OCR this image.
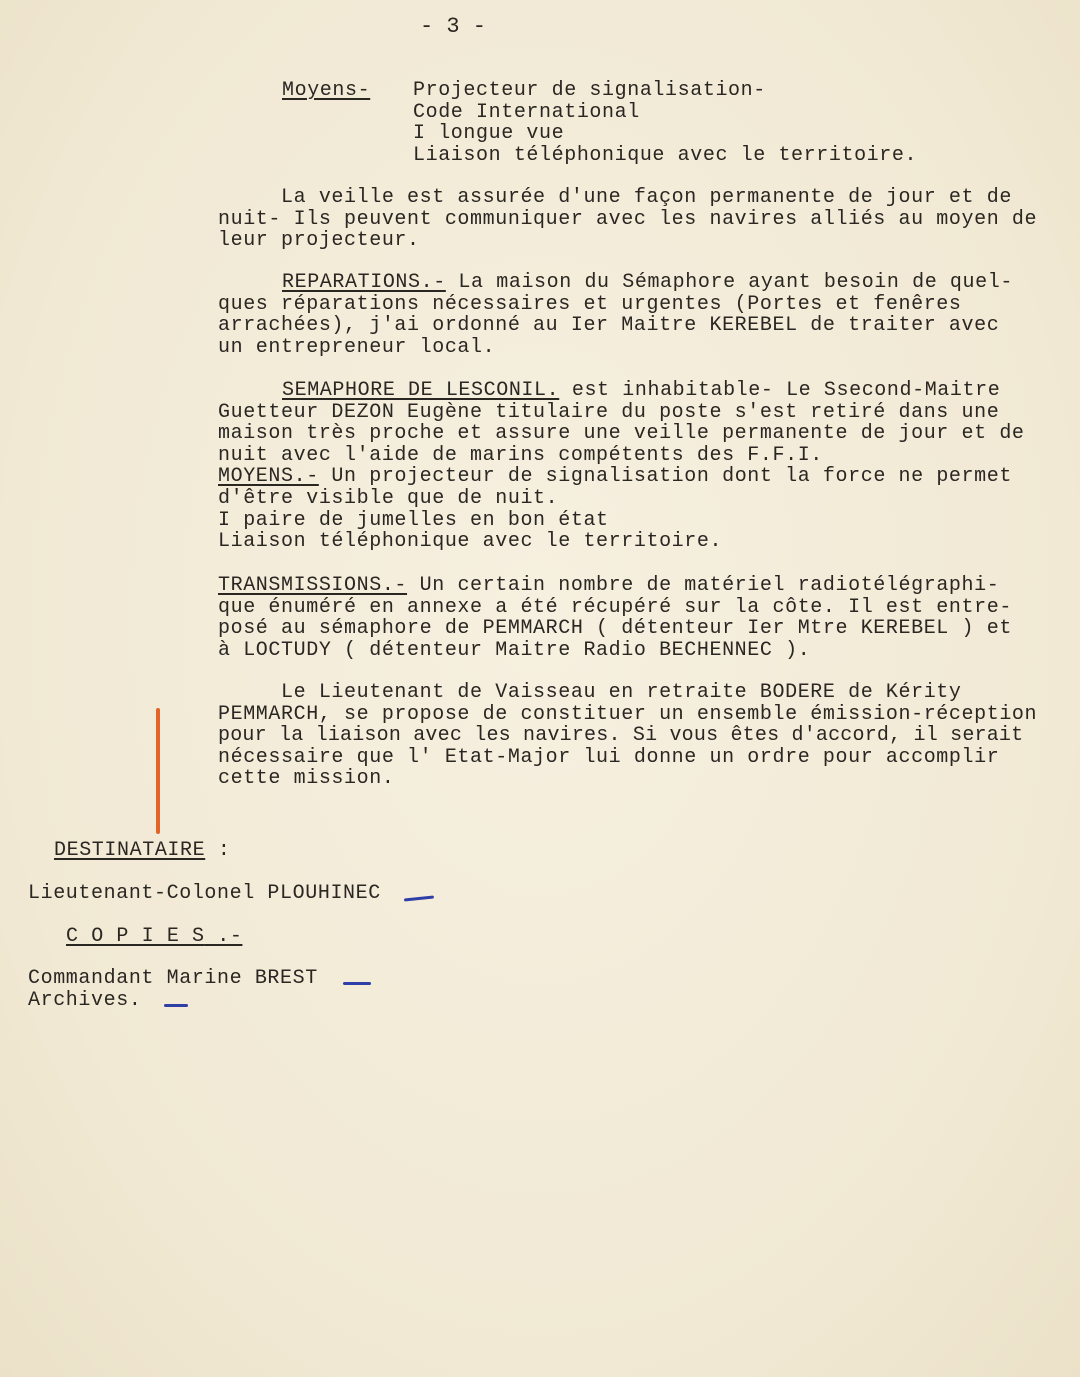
- 3 -
Moyens- Projecteur de signalisation-
Code International
I longue vue
Liaison téléphonique avec le territoire.
La veille est assurée d'une façon permanente de jour et de
nuit- Ils peuvent communiquer avec les navires alliés au moyen de
leur projecteur.
REPARATIONS.- La maison du Sémaphore ayant besoin de quel-
ques réparations nécessaires et urgentes (Portes et fenêres
arrachées), j'ai ordonné au Ier Maitre KEREBEL de traiter avec
un entrepreneur local.
SEMAPHORE DE LESCONIL. est inhabitable- Le Ssecond-Maitre
Guetteur DEZON Eugène titulaire du poste s'est retiré dans une
maison très proche et assure une veille permanente de jour et de
nuit avec l'aide de marins compétents des F.F.I.
MOYENS.- Un projecteur de signalisation dont la force ne permet
d'être visible que de nuit.
I paire de jumelles en bon état
Liaison téléphonique avec le territoire.
TRANSMISSIONS.- Un certain nombre de matériel radiotélégraphi-
que énuméré en annexe a été récupéré sur la côte. Il est entre-
posé au sémaphore de PEMMARCH ( détenteur Ier Mtre KEREBEL ) et
à LOCTUDY ( détenteur Maitre Radio BECHENNEC ).
Le Lieutenant de Vaisseau en retraite BODERE de Kérity
PEMMARCH, se propose de constituer un ensemble émission-réception
pour la liaison avec les navires. Si vous êtes d'accord, il serait
nécessaire que l' Etat-Major lui donne un ordre pour accomplir
cette mission.
DESTINATAIRE :
Lieutenant-Colonel PLOUHINEC
C O P I E S .-
Commandant Marine BREST
Archives.
